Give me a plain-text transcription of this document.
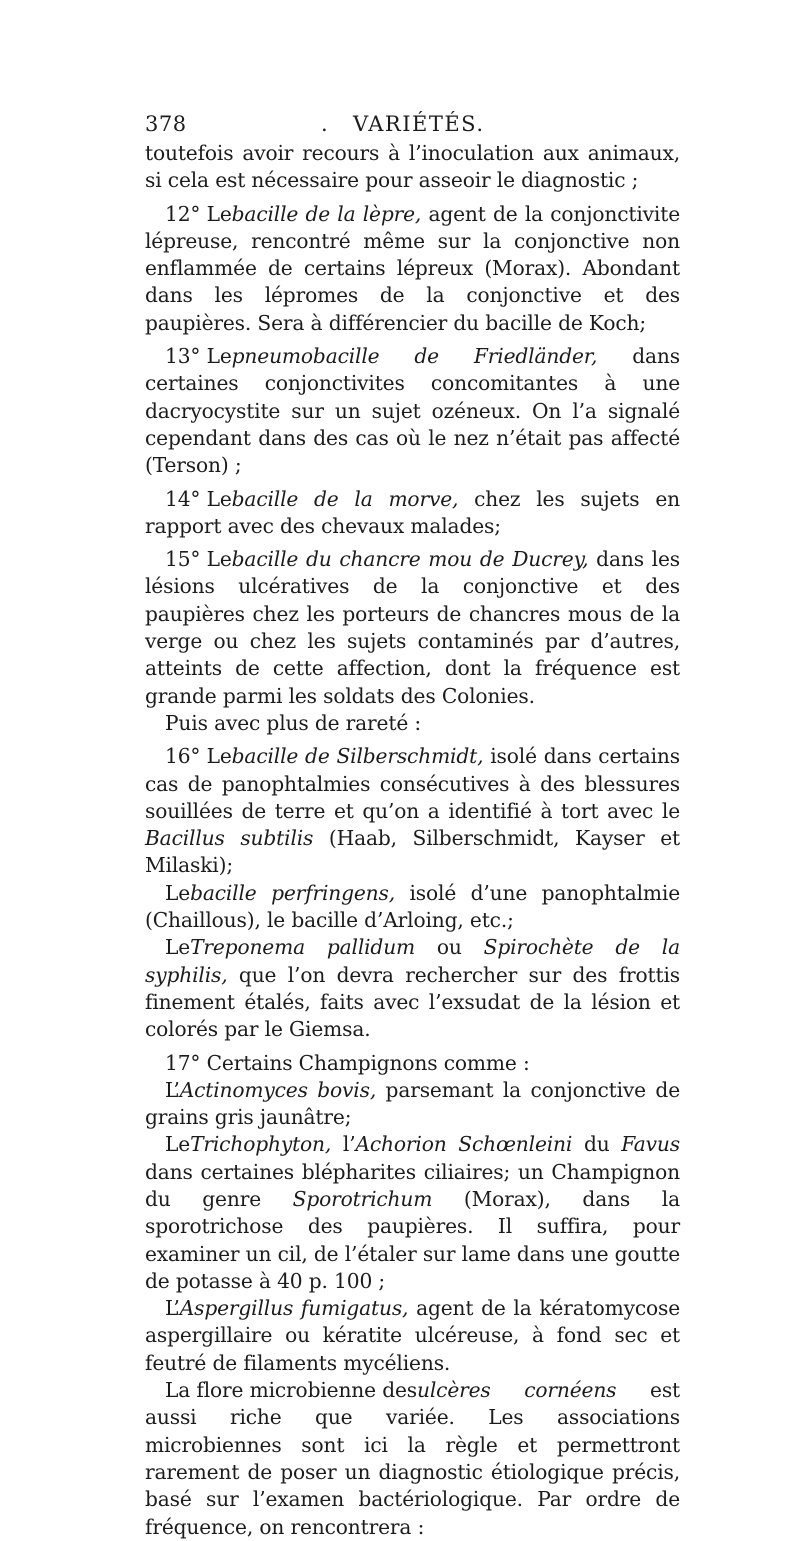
378	. VARIÉTÉS.

toutefois avoir recours à l’inoculation aux animaux, si cela est nécessaire pour asseoir le diagnostic ;

12° Lebacille de la lèpre, agent de la conjonctivite lépreuse, rencontré même sur la conjonctive non enflammée de certains lépreux (Morax). Abondant dans les lépromes de la conjonctive et des paupières. Sera à différencier du bacille de Koch;

13° Lepneumobacille de Friedländer, dans certaines conjonctivites concomitantes à une dacryocystite sur un sujet ozéneux. On l’a signalé cependant dans des cas où le nez n’était pas affecté (Terson) ;

14° Lebacille de la morve, chez les sujets en rapport avec des chevaux malades;

15° Lebacille du chancre mou de Ducrey, dans les lésions ulcératives de la conjonctive et des paupières chez les porteurs de chancres mous de la verge ou chez les sujets contaminés par d’autres, atteints de cette affection, dont la fréquence est grande parmi les soldats des Colonies.

Puis avec plus de rareté :

16° Lebacille de Silberschmidt, isolé dans certains cas de panophtalmies consécutives à des blessures souillées de terre et qu’on a identifié à tort avec le Bacillus subtilis (Haab, Silberschmidt, Kayser et Milaski);

Lebacille perfringens, isolé d’une panophtalmie (Chaillous), le bacille d’Arloing, etc.;

LeTreponema pallidum ou Spirochète de la syphilis, que l’on devra rechercher sur des frottis finement étalés, faits avec l’exsudat de la lésion et colorés par le Giemsa.

17° Certains Champignons comme :

L’Actinomyces bovis, parsemant la conjonctive de grains gris jaunâtre;

LeTrichophyton, l’Achorion Schœnleini du Favus dans certaines blépharites ciliaires; un Champignon du genre Sporotrichum (Morax), dans la sporotrichose des paupières. Il suffira, pour examiner un cil, de l’étaler sur lame dans une goutte de potasse à 40 p. 100 ;

L’Aspergillus fumigatus, agent de la kératomycose aspergillaire ou kératite ulcéreuse, à fond sec et feutré de filaments mycéliens.

La flore microbienne desulcères cornéens est aussi riche que variée. Les associations microbiennes sont ici la règle et permettront rarement de poser un diagnostic étiologique précis, basé sur l’examen bactériologique. Par ordre de fréquence, on rencontrera :
